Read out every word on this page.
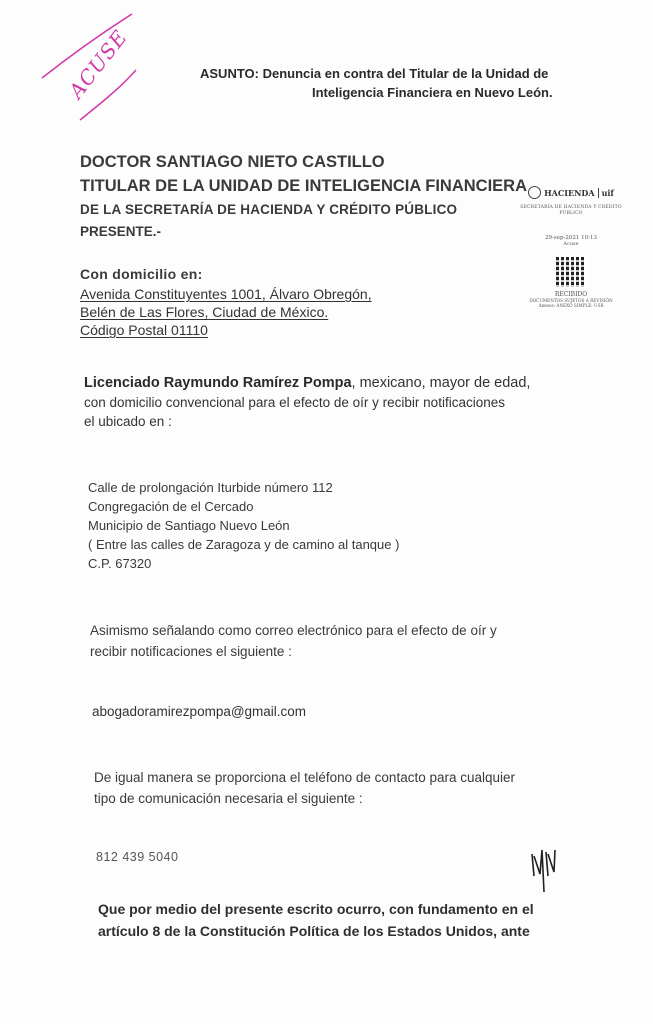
ACUSE	ASUNTO: Denuncia en contra del Titular de la Unidad de
Inteligencia Financiera en Nuevo León.
DOCTOR SANTIAGO NIETO CASTILLO
TITULAR DE LA UNIDAD DE INTELIGENCIA FINANCIERA
DE LA SECRETARÍA DE HACIENDA Y CRÉDITO PÚBLICO
PRESENTE.-
HACIENDA uif
SECRETARÍA DE HACIENDA Y CRÉDITO PÚBLICO
29-sep-2021 10:13
Acuse
RECIBIDO
DOCUMENTOS SUJETOS A REVISIÓN
Anexos: ANEXO SIMPLE: USB
Con domicilio en:
Avenida Constituyentes 1001, Álvaro Obregón,
Belén de Las Flores, Ciudad de México.
Código Postal 01110
Licenciado Raymundo Ramírez Pompa, mexicano, mayor de edad,
con domicilio convencional para el efecto de oír y recibir notificaciones
el ubicado en :
Calle de prolongación Iturbide número 112
Congregación de el Cercado
Municipio de Santiago Nuevo León
( Entre las calles de Zaragoza y de camino al tanque )
C.P. 67320
Asimismo señalando como correo electrónico para el efecto de oír y
recibir notificaciones el siguiente :
abogadoramirezpompa@gmail.com
De igual manera se proporciona el teléfono de contacto para cualquier
tipo de comunicación necesaria el siguiente :
812 439 5040
Que por medio del presente escrito ocurro, con fundamento en el
artículo 8 de la Constitución Política de los Estados Unidos, ante
